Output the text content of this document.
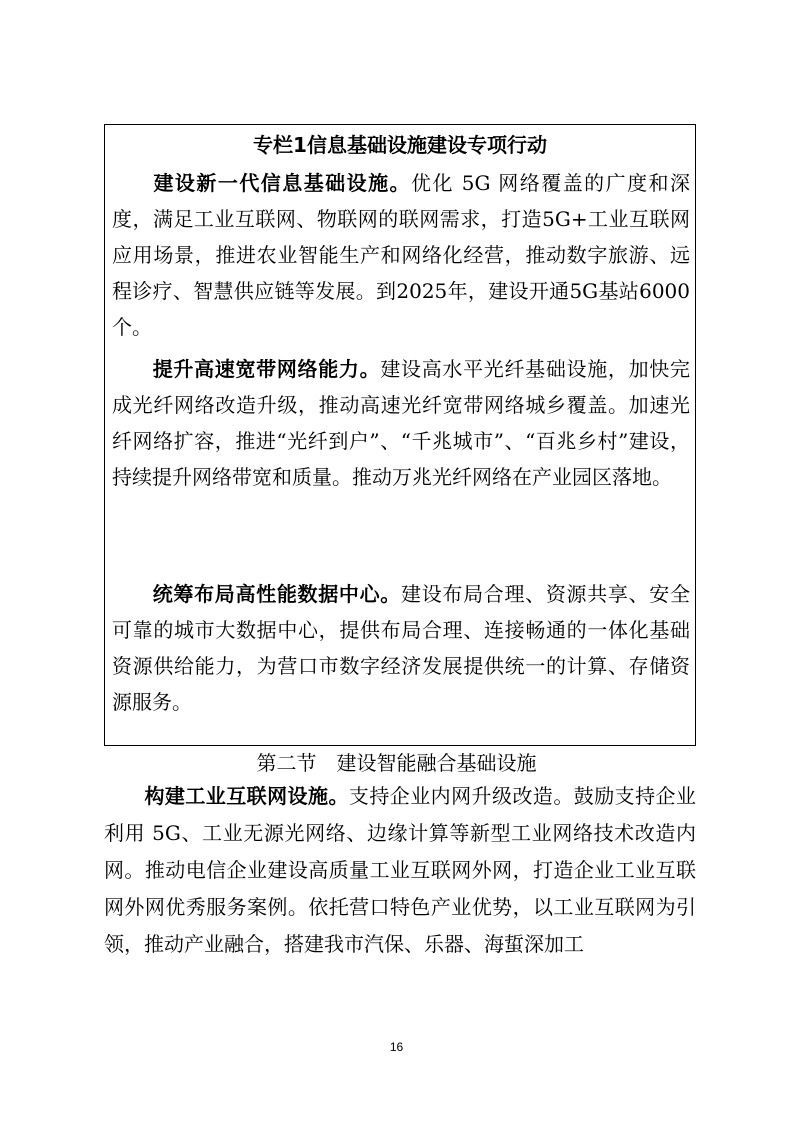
专栏1信息基础设施建设专项行动
建设新一代信息基础设施。优化 5G 网络覆盖的广度和深度，满足工业互联网、物联网的联网需求，打造5G+工业互联网应用场景，推进农业智能生产和网络化经营，推动数字旅游、远程诊疗、智慧供应链等发展。到2025年，建设开通5G基站6000个。
提升高速宽带网络能力。建设高水平光纤基础设施，加快完成光纤网络改造升级，推动高速光纤宽带网络城乡覆盖。加速光纤网络扩容，推进“光纤到户”、“千兆城市”、“百兆乡村”建设，持续提升网络带宽和质量。推动万兆光纤网络在产业园区落地。
统筹布局高性能数据中心。建设布局合理、资源共享、安全可靠的城市大数据中心，提供布局合理、连接畅通的一体化基础资源供给能力，为营口市数字经济发展提供统一的计算、存储资源服务。
第二节　建设智能融合基础设施
构建工业互联网设施。支持企业内网升级改造。鼓励支持企业利用 5G、工业无源光网络、边缘计算等新型工业网络技术改造内网。推动电信企业建设高质量工业互联网外网，打造企业工业互联网外网优秀服务案例。依托营口特色产业优势，以工业互联网为引领，推动产业融合，搭建我市汽保、乐器、海蜇深加工
16
